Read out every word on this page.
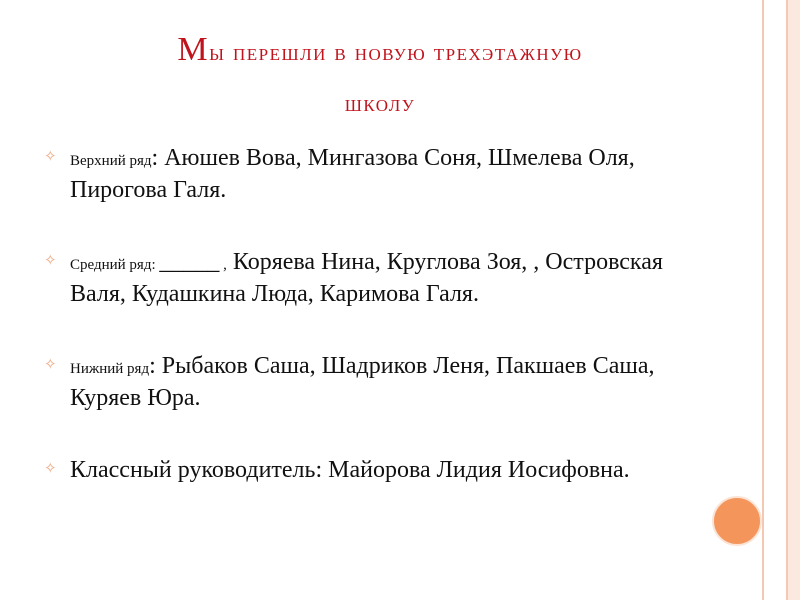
Мы перешли в новую трехэтажную
школу

✧ Верхний ряд: Аюшев Вова, Мингазова Соня, Шмелева Оля, Пирогова Галя.

✧ Средний ряд: _____ , Коряева Нина, Круглова Зоя, , Островская Валя, Кудашкина Люда, Каримова Галя.

✧ Нижний ряд: Рыбаков Саша, Шадриков Леня, Пакшаев Саша, Куряев Юра.

✧ Классный руководитель: Майорова Лидия Иосифовна.
